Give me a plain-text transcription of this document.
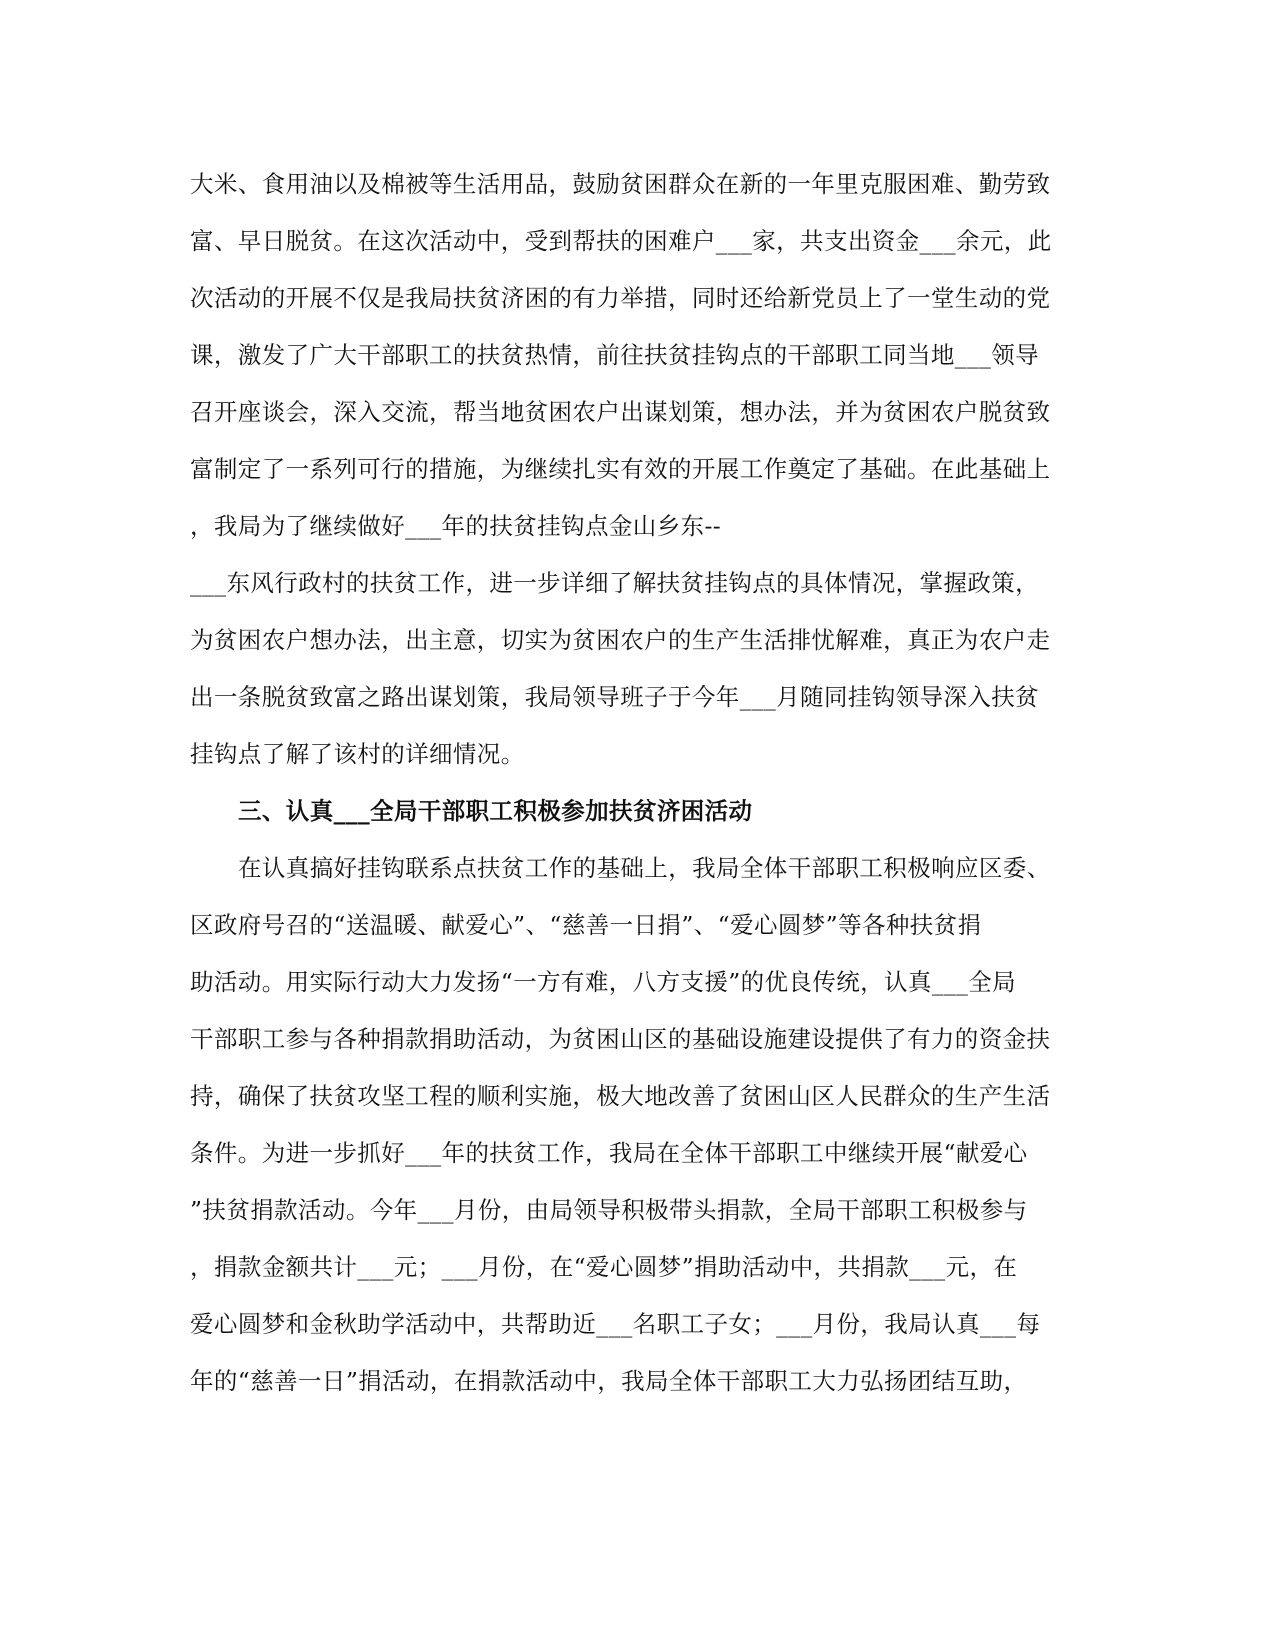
大米、食用油以及棉被等生活用品，鼓励贫困群众在新的一年里克服困难、勤劳致
富、早日脱贫。在这次活动中，受到帮扶的困难户___家，共支出资金___余元，此
次活动的开展不仅是我局扶贫济困的有力举措，同时还给新党员上了一堂生动的党
课，激发了广大干部职工的扶贫热情，前往扶贫挂钩点的干部职工同当地___领导
召开座谈会，深入交流，帮当地贫困农户出谋划策，想办法，并为贫困农户脱贫致
富制定了一系列可行的措施，为继续扎实有效的开展工作奠定了基础。在此基础上
，我局为了继续做好___年的扶贫挂钩点金山乡东--
___东风行政村的扶贫工作，进一步详细了解扶贫挂钩点的具体情况，掌握政策，
为贫困农户想办法，出主意，切实为贫困农户的生产生活排忧解难，真正为农户走
出一条脱贫致富之路出谋划策，我局领导班子于今年___月随同挂钩领导深入扶贫
挂钩点了解了该村的详细情况。
三、认真___全局干部职工积极参加扶贫济困活动
在认真搞好挂钩联系点扶贫工作的基础上，我局全体干部职工积极响应区委、
区政府号召的“送温暖、献爱心”、“慈善一日捐”、“爱心圆梦”等各种扶贫捐
助活动。用实际行动大力发扬“一方有难，八方支援”的优良传统，认真___全局
干部职工参与各种捐款捐助活动，为贫困山区的基础设施建设提供了有力的资金扶
持，确保了扶贫攻坚工程的顺利实施，极大地改善了贫困山区人民群众的生产生活
条件。为进一步抓好___年的扶贫工作，我局在全体干部职工中继续开展“献爱心
”扶贫捐款活动。今年___月份，由局领导积极带头捐款，全局干部职工积极参与
，捐款金额共计___元；___月份，在“爱心圆梦”捐助活动中，共捐款___元，在
爱心圆梦和金秋助学活动中，共帮助近___名职工子女；___月份，我局认真___每
年的“慈善一日”捐活动，在捐款活动中，我局全体干部职工大力弘扬团结互助，
